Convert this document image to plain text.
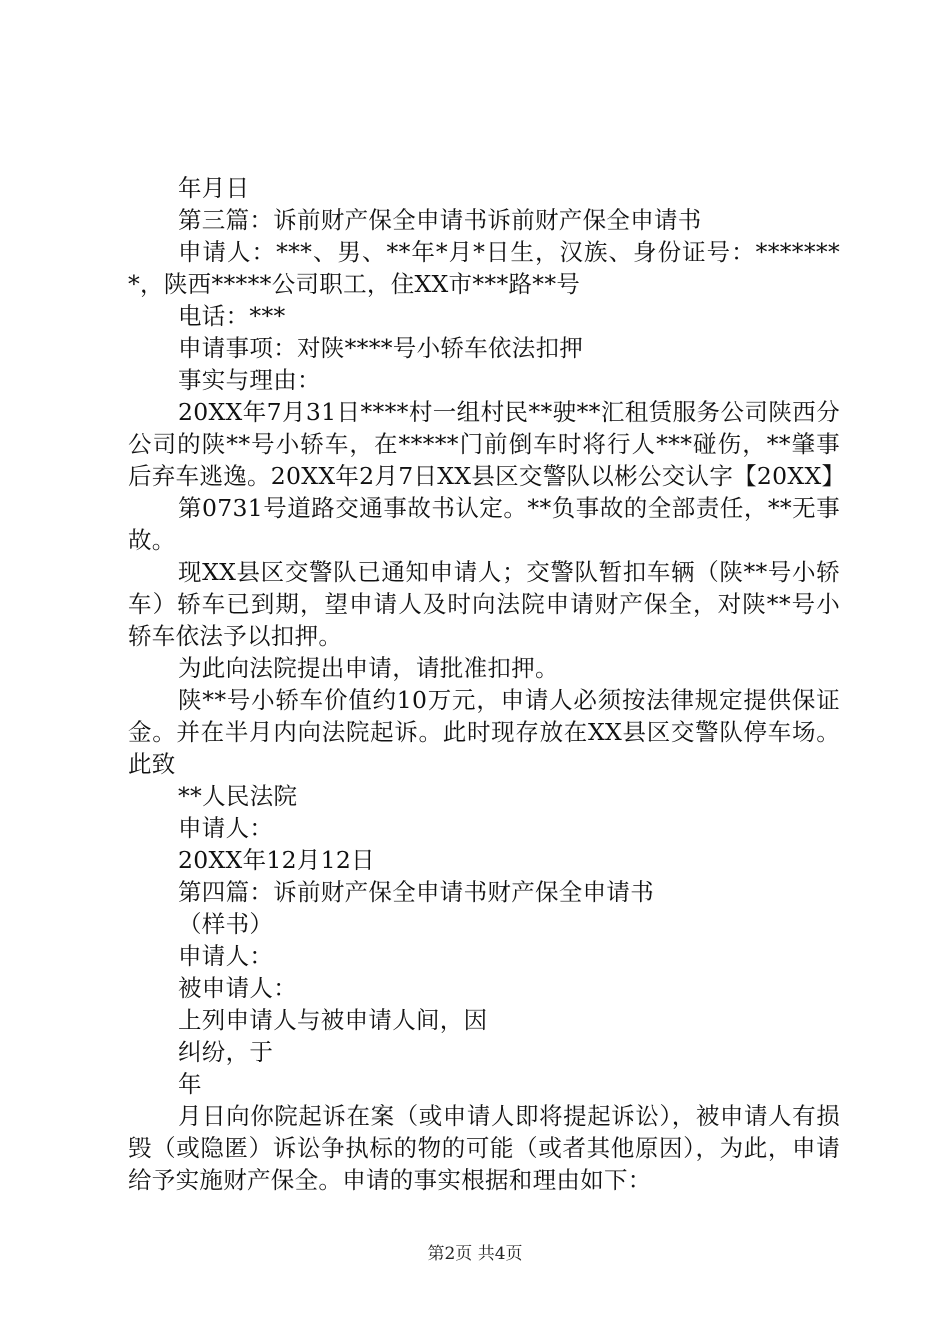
年月日

第三篇：诉前财产保全申请书诉前财产保全申请书

申请人：***、男、**年*月*日生，汉族、身份证号：********，陕西*****公司职工，住XX市***路**号

电话：***

申请事项：对陕****号小轿车依法扣押

事实与理由：

20XX年7月31日****村一组村民**驶**汇租赁服务公司陕西分公司的陕**号小轿车，在*****门前倒车时将行人***碰伤，**肇事后弃车逃逸。20XX年2月7日XX县区交警队以彬公交认字【20XX】

第0731号道路交通事故书认定。**负事故的全部责任，**无事故。

现XX县区交警队已通知申请人；交警队暂扣车辆（陕**号小轿车）轿车已到期，望申请人及时向法院申请财产保全，对陕**号小轿车依法予以扣押。

为此向法院提出申请，请批准扣押。

陕**号小轿车价值约10万元，申请人必须按法律规定提供保证金。并在半月内向法院起诉。此时现存放在XX县区交警队停车场。此致

**人民法院

申请人：

20XX年12月12日

第四篇：诉前财产保全申请书财产保全申请书

（样书）

申请人：

被申请人：

上列申请人与被申请人间，因

纠纷，于

年

月日向你院起诉在案（或申请人即将提起诉讼），被申请人有损毁（或隐匿）诉讼争执标的物的可能（或者其他原因），为此，申请给予实施财产保全。申请的事实根据和理由如下：

第2页 共4页
